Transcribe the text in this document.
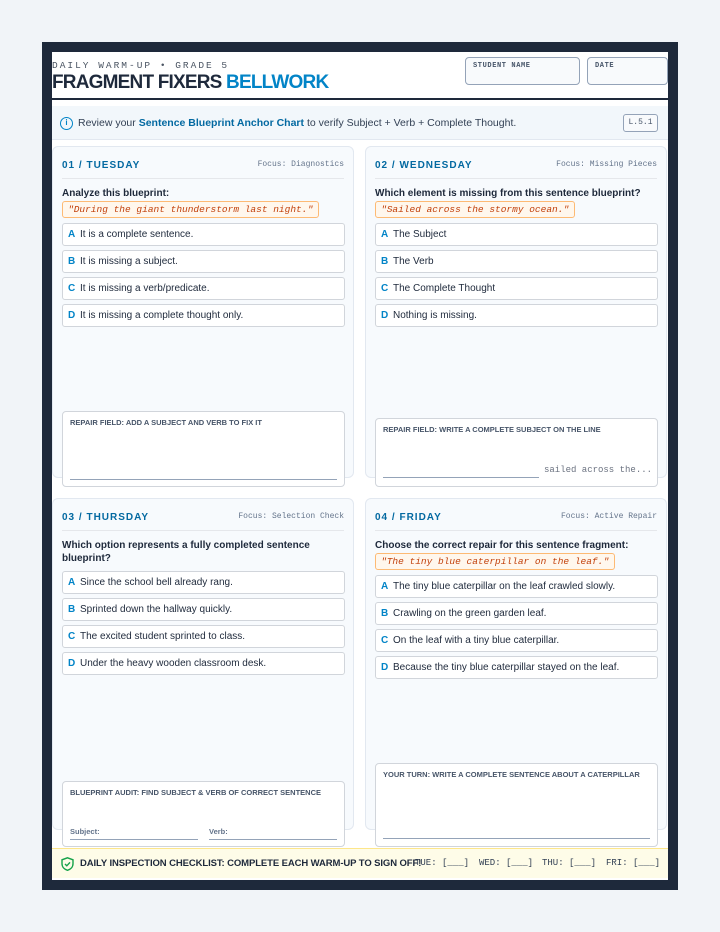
DAILY WARM-UP • GRADE 5
FRAGMENT FIXERS BELLWORK
STUDENT NAME	DATE
i Review your Sentence Blueprint Anchor Chart to verify Subject + Verb + Complete Thought.	L.5.1
01 / TUESDAY	Focus: Diagnostics
Analyze this blueprint:
"During the giant thunderstorm last night."
A It is a complete sentence.
B It is missing a subject.
C It is missing a verb/predicate.
D It is missing a complete thought only.
REPAIR FIELD: ADD A SUBJECT AND VERB TO FIX IT
02 / WEDNESDAY	Focus: Missing Pieces
Which element is missing from this sentence blueprint?
"Sailed across the stormy ocean."
A The Subject
B The Verb
C The Complete Thought
D Nothing is missing.
REPAIR FIELD: WRITE A COMPLETE SUBJECT ON THE LINE
sailed across the...
03 / THURSDAY	Focus: Selection Check
Which option represents a fully completed sentence blueprint?
A Since the school bell already rang.
B Sprinted down the hallway quickly.
C The excited student sprinted to class.
D Under the heavy wooden classroom desk.
BLUEPRINT AUDIT: FIND SUBJECT & VERB OF CORRECT SENTENCE
Subject:	Verb:
04 / FRIDAY	Focus: Active Repair
Choose the correct repair for this sentence fragment:
"The tiny blue caterpillar on the leaf."
A The tiny blue caterpillar on the leaf crawled slowly.
B Crawling on the green garden leaf.
C On the leaf with a tiny blue caterpillar.
D Because the tiny blue caterpillar stayed on the leaf.
YOUR TURN: WRITE A COMPLETE SENTENCE ABOUT A CATERPILLAR
DAILY INSPECTION CHECKLIST: COMPLETE EACH WARM-UP TO SIGN OFF!
TUE: [___] WED: [___] THU: [___] FRI: [___]
